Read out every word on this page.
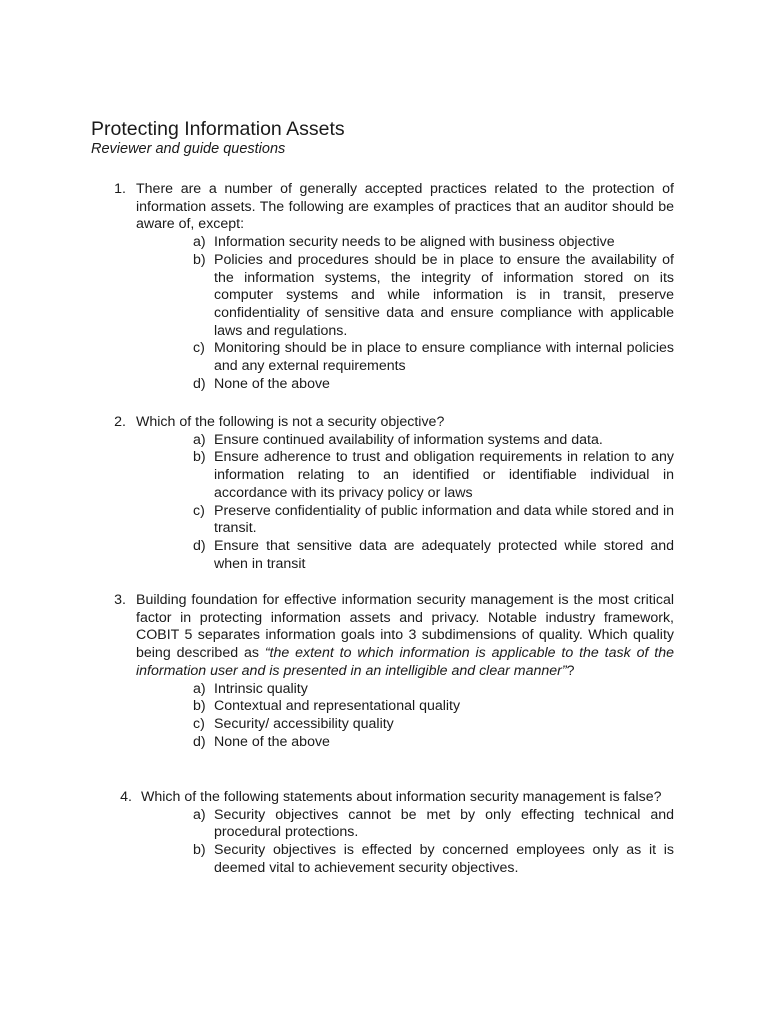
Protecting Information Assets

Reviewer and guide questions

1. There are a number of generally accepted practices related to the protection of information assets. The following are examples of practices that an auditor should be aware of, except:
a) Information security needs to be aligned with business objective
b) Policies and procedures should be in place to ensure the availability of the information systems, the integrity of information stored on its computer systems and while information is in transit, preserve confidentiality of sensitive data and ensure compliance with applicable laws and regulations.
c) Monitoring should be in place to ensure compliance with internal policies and any external requirements
d) None of the above
2. Which of the following is not a security objective?
a) Ensure continued availability of information systems and data.
b) Ensure adherence to trust and obligation requirements in relation to any information relating to an identified or identifiable individual in accordance with its privacy policy or laws
c) Preserve confidentiality of public information and data while stored and in transit.
d) Ensure that sensitive data are adequately protected while stored and when in transit
3. Building foundation for effective information security management is the most critical factor in protecting information assets and privacy. Notable industry framework, COBIT 5 separates information goals into 3 subdimensions of quality. Which quality being described as “the extent to which information is applicable to the task of the information user and is presented in an intelligible and clear manner”?
a) Intrinsic quality
b) Contextual and representational quality
c) Security/ accessibility quality
d) None of the above
4. Which of the following statements about information security management is false?
a) Security objectives cannot be met by only effecting technical and procedural protections.
b) Security objectives is effected by concerned employees only as it is deemed vital to achievement security objectives.
